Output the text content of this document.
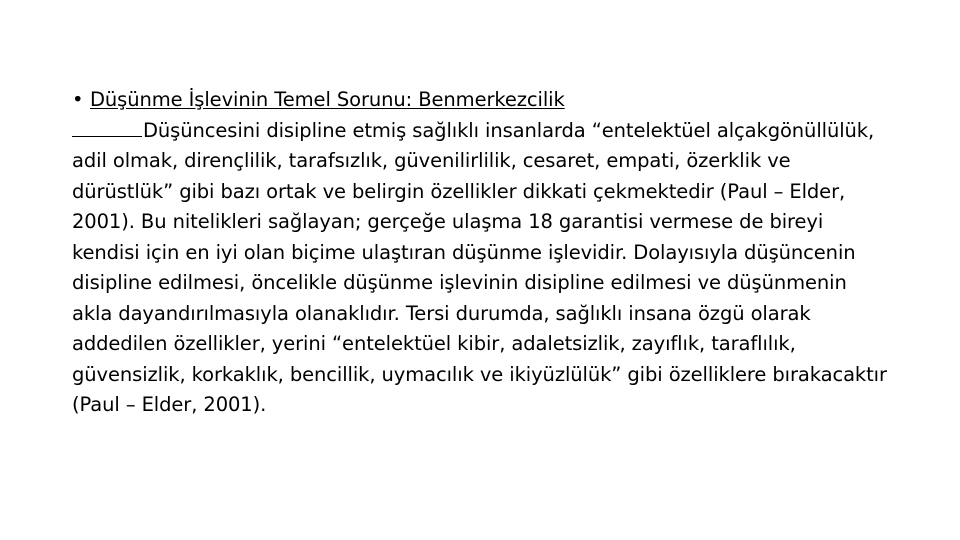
• Düşünme İşlevinin Temel Sorunu: Benmerkezcilik

Düşüncesini disipline etmiş sağlıklı insanlarda “entelektüel alçakgönüllülük, adil olmak, dirençlilik, tarafsızlık, güvenilirlilik, cesaret, empati, özerklik ve dürüstlük” gibi bazı ortak ve belirgin özellikler dikkati çekmektedir (Paul – Elder, 2001). Bu nitelikleri sağlayan; gerçeğe ulaşma 18 garantisi vermese de bireyi kendisi için en iyi olan biçime ulaştıran düşünme işlevidir. Dolayısıyla düşüncenin disipline edilmesi, öncelikle düşünme işlevinin disipline edilmesi ve düşünmenin akla dayandırılmasıyla olanaklıdır. Tersi durumda, sağlıklı insana özgü olarak addedilen özellikler, yerini “entelektüel kibir, adaletsizlik, zayıflık, taraflılık, güvensizlik, korkaklık, bencillik, uymacılık ve ikiyüzlülük” gibi özelliklere bırakacaktır (Paul – Elder, 2001).
